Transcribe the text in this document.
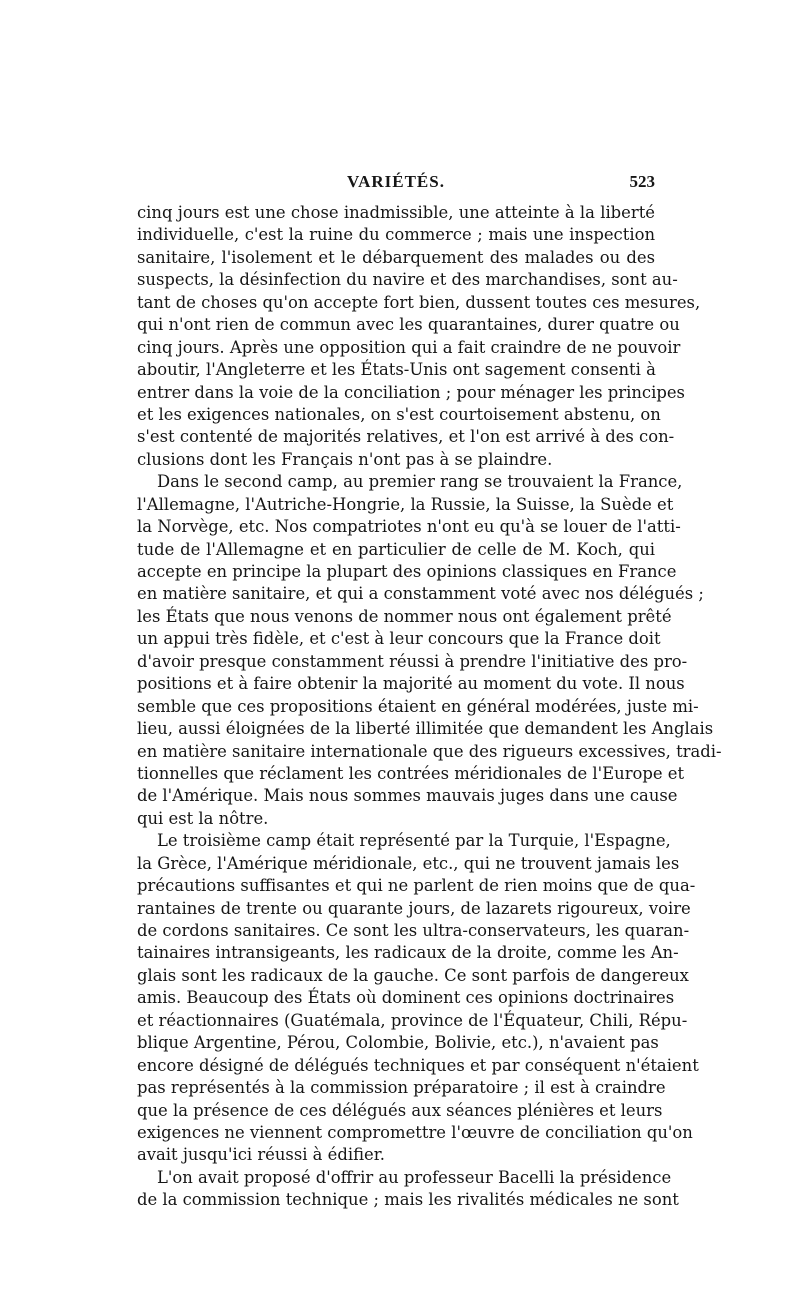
VARIÉTÉS.	523
cinq jours est une chose inadmissible, une atteinte à la liberté
individuelle, c'est la ruine du commerce ; mais une inspection
sanitaire, l'isolement et le débarquement des malades ou des
suspects, la désinfection du navire et des marchandises, sont au-
tant de choses qu'on accepte fort bien, dussent toutes ces mesures,
qui n'ont rien de commun avec les quarantaines, durer quatre ou
cinq jours. Après une opposition qui a fait craindre de ne pouvoir
aboutir, l'Angleterre et les États-Unis ont sagement consenti à
entrer dans la voie de la conciliation ; pour ménager les principes
et les exigences nationales, on s'est courtoisement abstenu, on
s'est contenté de majorités relatives, et l'on est arrivé à des con-
clusions dont les Français n'ont pas à se plaindre.
Dans le second camp, au premier rang se trouvaient la France,
l'Allemagne, l'Autriche-Hongrie, la Russie, la Suisse, la Suède et
la Norvège, etc. Nos compatriotes n'ont eu qu'à se louer de l'atti-
tude de l'Allemagne et en particulier de celle de M. Koch, qui
accepte en principe la plupart des opinions classiques en France
en matière sanitaire, et qui a constamment voté avec nos délégués ;
les États que nous venons de nommer nous ont également prêté
un appui très fidèle, et c'est à leur concours que la France doit
d'avoir presque constamment réussi à prendre l'initiative des pro-
positions et à faire obtenir la majorité au moment du vote. Il nous
semble que ces propositions étaient en général modérées, juste mi-
lieu, aussi éloignées de la liberté illimitée que demandent les Anglais
en matière sanitaire internationale que des rigueurs excessives, tradi-
tionnelles que réclament les contrées méridionales de l'Europe et
de l'Amérique. Mais nous sommes mauvais juges dans une cause
qui est la nôtre.
Le troisième camp était représenté par la Turquie, l'Espagne,
la Grèce, l'Amérique méridionale, etc., qui ne trouvent jamais les
précautions suffisantes et qui ne parlent de rien moins que de qua-
rantaines de trente ou quarante jours, de lazarets rigoureux, voire
de cordons sanitaires. Ce sont les ultra-conservateurs, les quaran-
tainaires intransigeants, les radicaux de la droite, comme les An-
glais sont les radicaux de la gauche. Ce sont parfois de dangereux
amis. Beaucoup des États où dominent ces opinions doctrinaires
et réactionnaires (Guatémala, province de l'Équateur, Chili, Répu-
blique Argentine, Pérou, Colombie, Bolivie, etc.), n'avaient pas
encore désigné de délégués techniques et par conséquent n'étaient
pas représentés à la commission préparatoire ; il est à craindre
que la présence de ces délégués aux séances plénières et leurs
exigences ne viennent compromettre l'œuvre de conciliation qu'on
avait jusqu'ici réussi à édifier.
L'on avait proposé d'offrir au professeur Bacelli la présidence
de la commission technique ; mais les rivalités médicales ne sont
